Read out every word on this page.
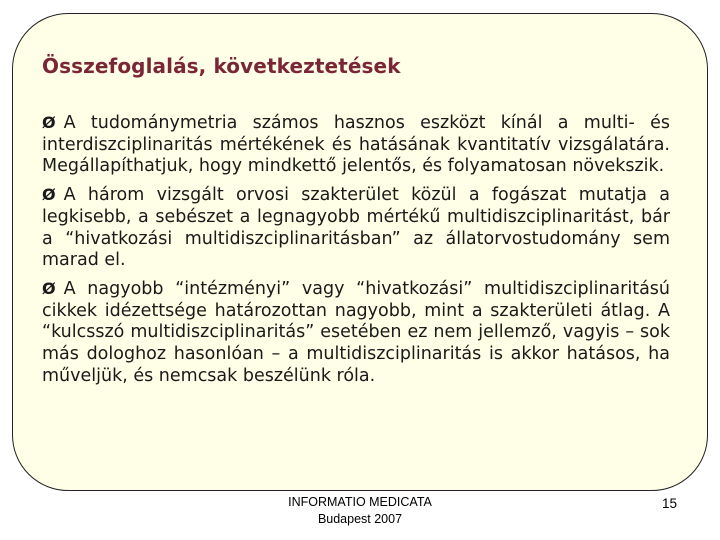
Összefoglalás, következtetések

Ø A tudománymetria számos hasznos eszközt kínál a multi- és interdiszciplinaritás mértékének és hatásának kvantitatív vizsgálatára. Megállapíthatjuk, hogy mindkettő jelentős, és folyamatosan növekszik.

Ø A három vizsgált orvosi szakterület közül a fogászat mutatja a legkisebb, a sebészet a legnagyobb mértékű multidiszciplinaritást, bár a “hivatkozási multidiszciplinaritásban” az állatorvostudomány sem marad el.

Ø A nagyobb “intézményi” vagy “hivatkozási” multidiszciplinaritású cikkek idézettsége határozottan nagyobb, mint a szakterületi átlag. A “kulcsszó multidiszciplinaritás” esetében ez nem jellemző, vagyis – sok más dologhoz hasonlóan – a multidiszciplinaritás is akkor hatásos, ha műveljük, és nemcsak beszélünk róla.

INFORMATIO MEDICATA
Budapest 2007
15
